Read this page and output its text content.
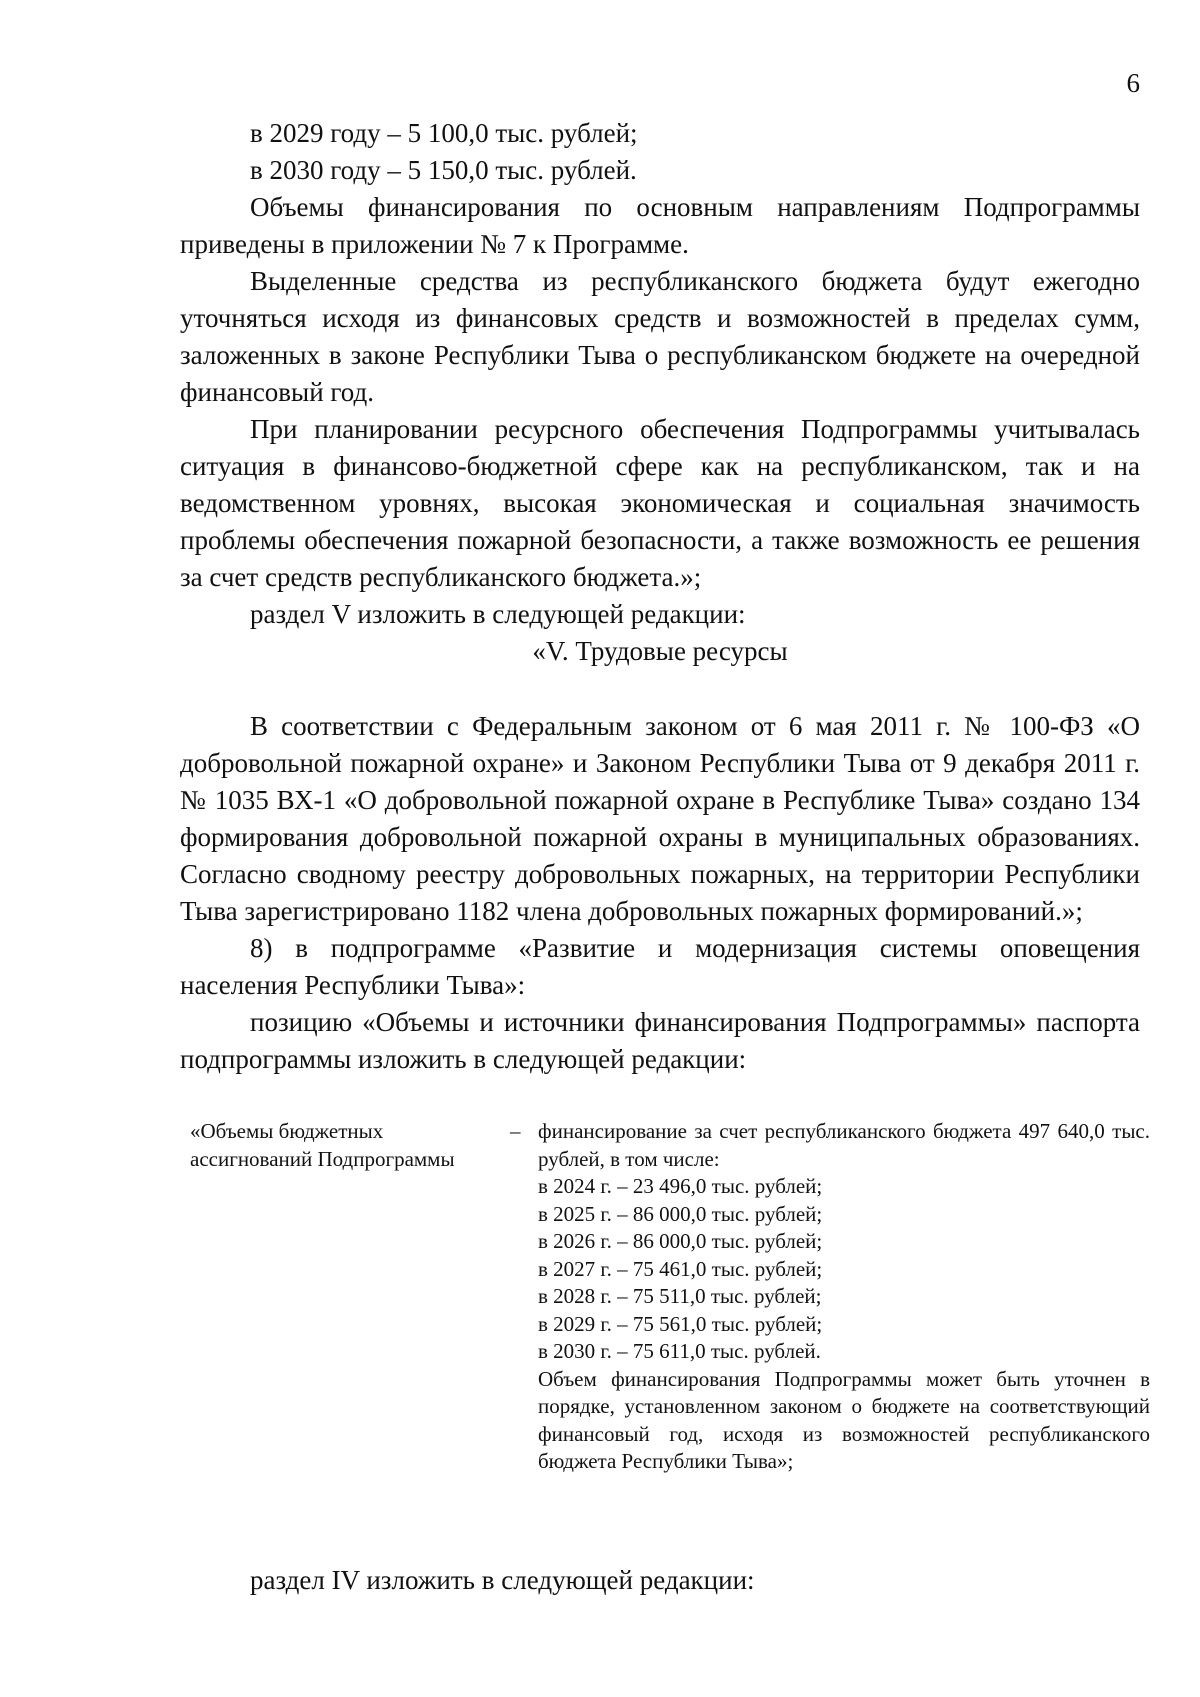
6

в 2029 году – 5 100,0 тыс. рублей;

в 2030 году – 5 150,0 тыс. рублей.

Объемы финансирования по основным направлениям Подпрограммы приведены в приложении № 7 к Программе.

Выделенные средства из республиканского бюджета будут ежегодно уточняться исходя из финансовых средств и возможностей в пределах сумм, заложенных в законе Республики Тыва о республиканском бюджете на очередной финансовый год.

При планировании ресурсного обеспечения Подпрограммы учитывалась ситуация в финансово-бюджетной сфере как на республиканском, так и на ведомственном уровнях, высокая экономическая и социальная значимость проблемы обеспечения пожарной безопасности, а также возможность ее решения за счет средств республиканского бюджета.»;

раздел V изложить в следующей редакции:

«V. Трудовые ресурсы

В соответствии с Федеральным законом от 6 мая 2011 г. № 100-ФЗ «О добровольной пожарной охране» и Законом Республики Тыва от 9 декабря 2011 г. № 1035 ВХ-1 «О добровольной пожарной охране в Республике Тыва» создано 134 формирования добровольной пожарной охраны в муниципальных образованиях. Согласно сводному реестру добровольных пожарных, на территории Республики Тыва зарегистрировано 1182 члена добровольных пожарных формирований.»;

8) в подпрограмме «Развитие и модернизация системы оповещения населения Республики Тыва»:

позицию «Объемы и источники финансирования Подпрограммы» паспорта подпрограммы изложить в следующей редакции:

«Объемы бюджетных ассигнований Подпрограммы
– финансирование за счет республиканского бюджета 497 640,0 тыс. рублей, в том числе:
в 2024 г. – 23 496,0 тыс. рублей;
в 2025 г. – 86 000,0 тыс. рублей;
в 2026 г. – 86 000,0 тыс. рублей;
в 2027 г. – 75 461,0 тыс. рублей;
в 2028 г. – 75 511,0 тыс. рублей;
в 2029 г. – 75 561,0 тыс. рублей;
в 2030 г. – 75 611,0 тыс. рублей.
Объем финансирования Подпрограммы может быть уточнен в порядке, установленном законом о бюджете на соответствующий финансовый год, исходя из возможностей республиканского бюджета Республики Тыва»;

раздел IV изложить в следующей редакции:
